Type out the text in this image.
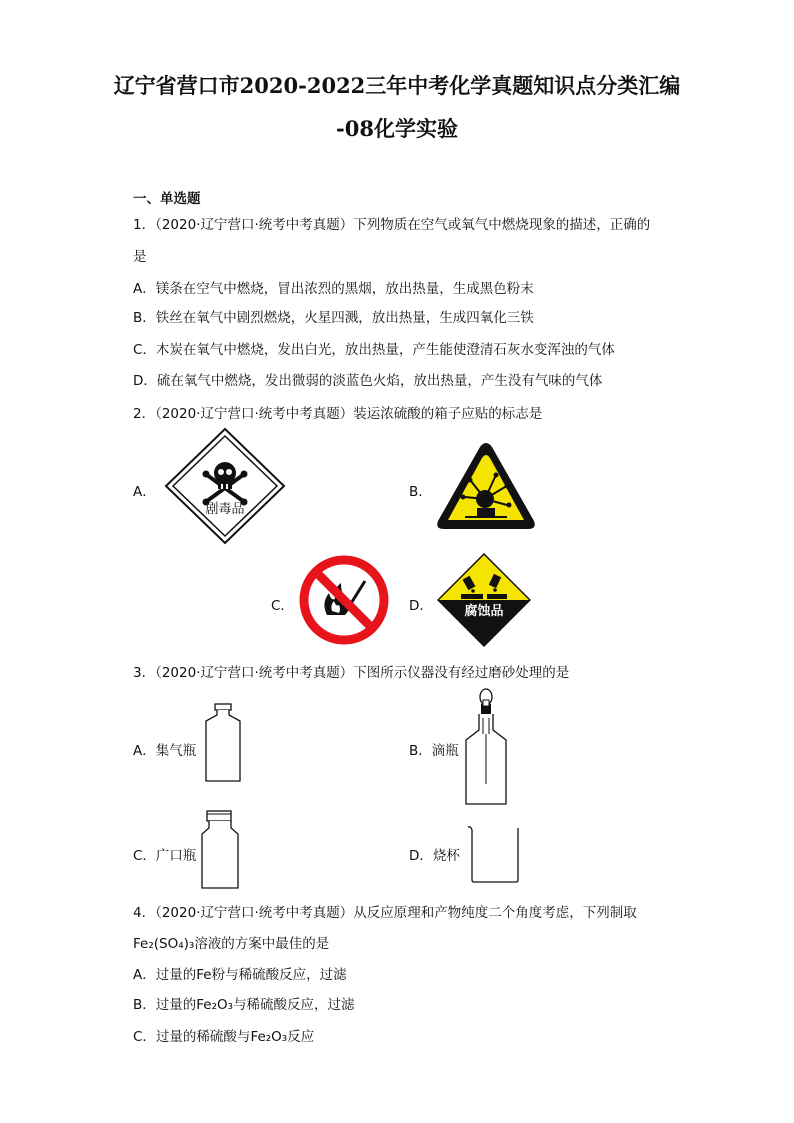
辽宁省营口市2020-2022三年中考化学真题知识点分类汇编
-08化学实验
一、单选题
1．（2020·辽宁营口·统考中考真题）下列物质在空气或氧气中燃烧现象的描述，正确的
是
A．镁条在空气中燃烧，冒出浓烈的黑烟，放出热量，生成黑色粉末
B．铁丝在氧气中剧烈燃烧，火星四溅，放出热量，生成四氧化三铁
C．木炭在氧气中燃烧，发出白光，放出热量，产生能使澄清石灰水变浑浊的气体
D．硫在氧气中燃烧，发出微弱的淡蓝色火焰，放出热量，产生没有气味的气体
2．（2020·辽宁营口·统考中考真题）装运浓硫酸的箱子应贴的标志是
A．
剧毒品
B．
C．	D． 腐蚀品
3．（2020·辽宁营口·统考中考真题）下图所示仪器没有经过磨砂处理的是
A．集气瓶	B．滴瓶
C．广口瓶	D．烧杯
4．（2020·辽宁营口·统考中考真题）从反应原理和产物纯度二个角度考虑，下列制取
Fe₂(SO₄)₃溶液的方案中最佳的是
A．过量的Fe粉与稀硫酸反应，过滤
B．过量的Fe₂O₃与稀硫酸反应，过滤
C．过量的稀硫酸与Fe₂O₃反应
